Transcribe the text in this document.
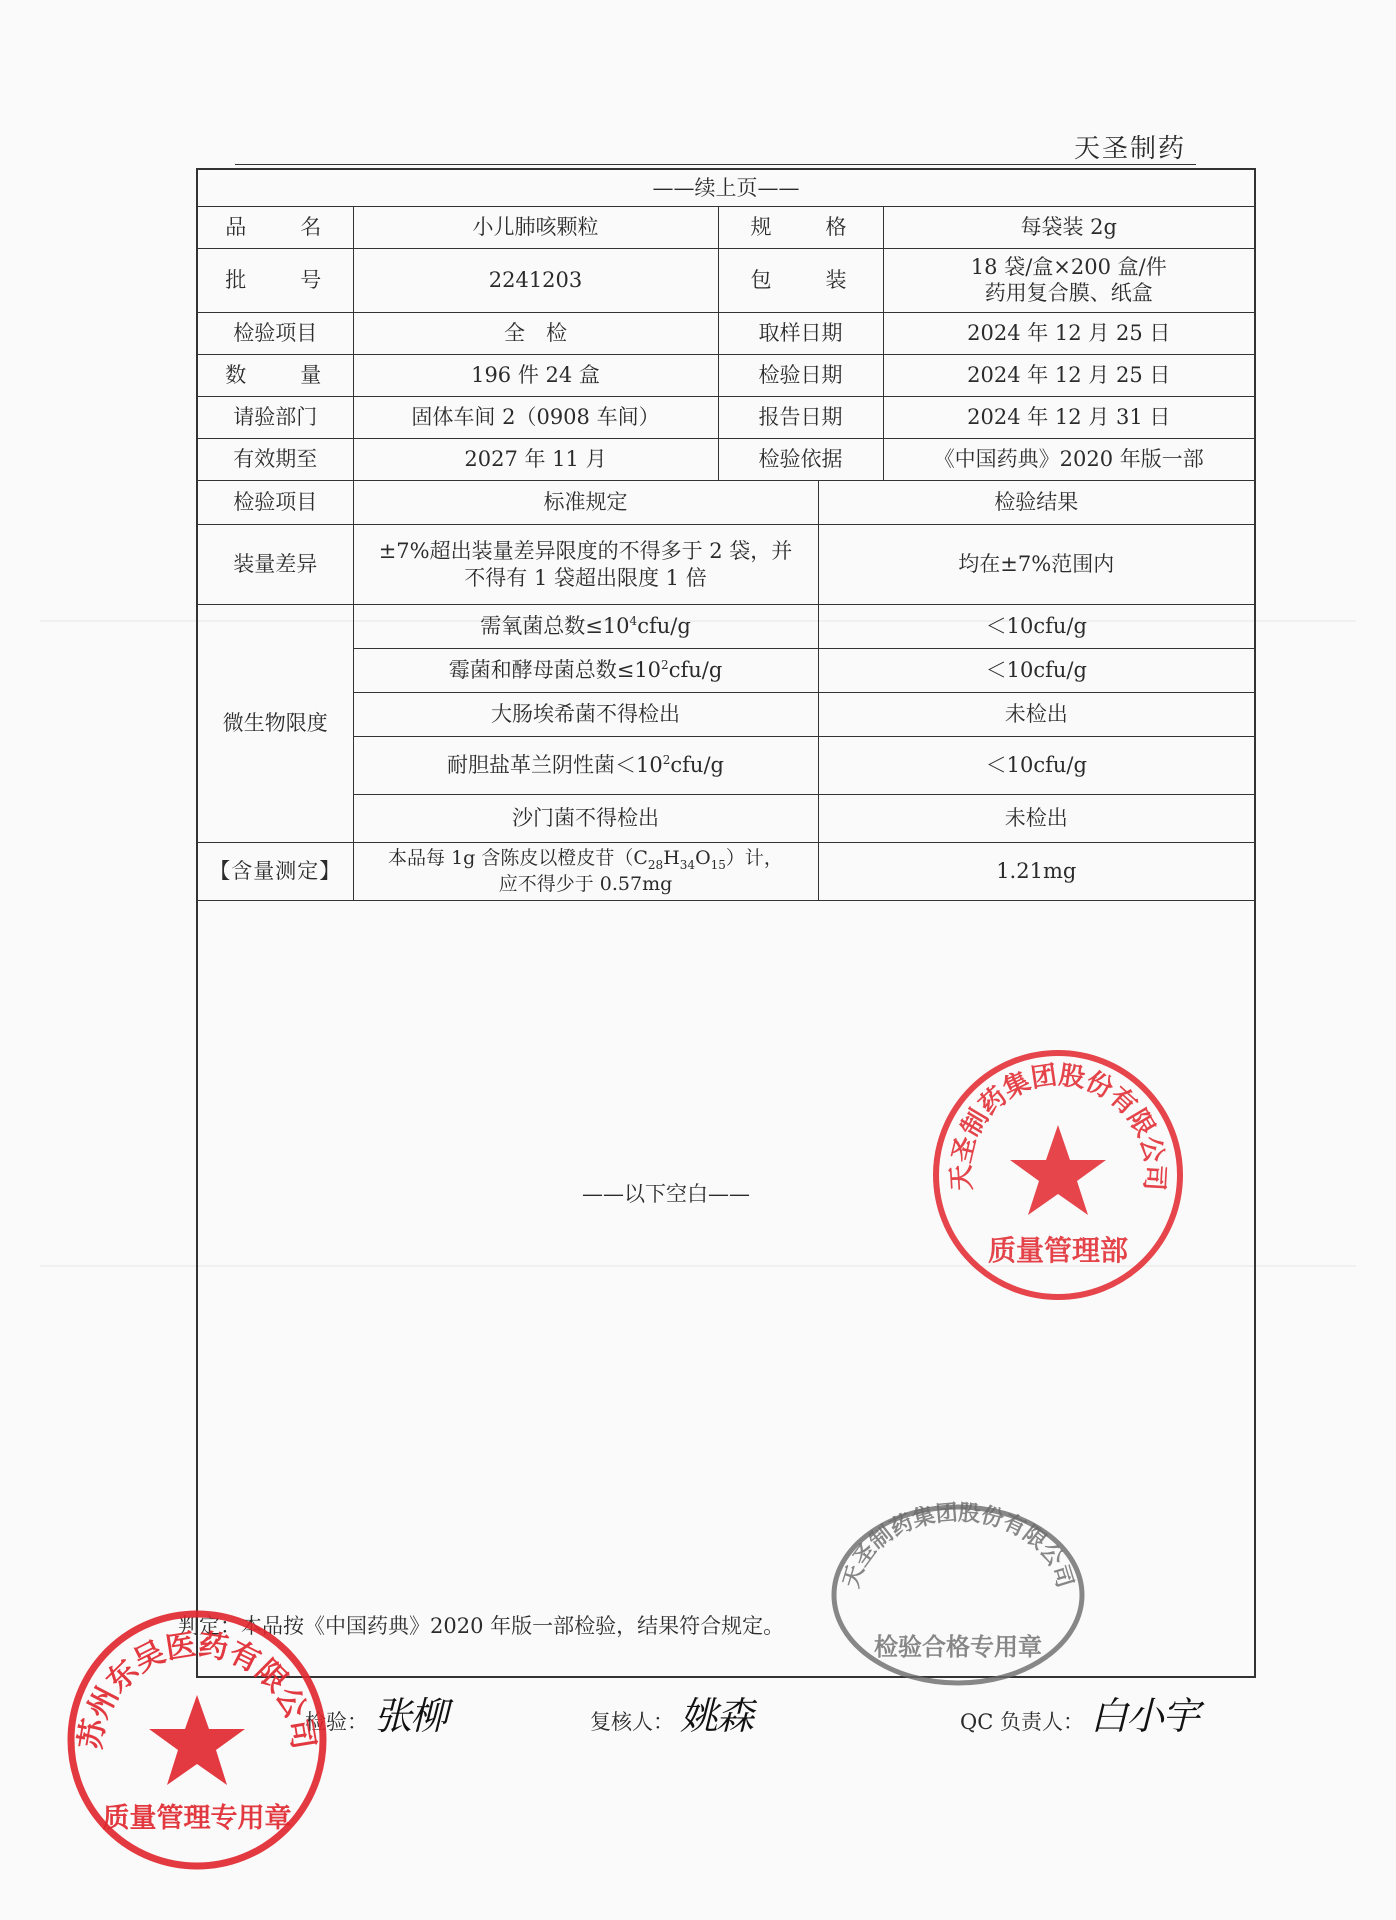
天圣制药
——续上页——			
品　　名	小儿肺咳颗粒	规　　格	每袋装 2g
批　　号	2241203	包　　装	18 袋/盒×200 盒/件
药用复合膜、纸盒

检验项目	全　检	取样日期	2024 年 12 月 25 日
数　　量	196 件 24 盒	检验日期	2024 年 12 月 25 日
请验部门	固体车间 2（0908 车间）	报告日期	2024 年 12 月 31 日
有效期至	2027 年 11 月	检验依据	《中国药典》2020 年版一部
检验项目	标准规定	检验结果
装量差异	±7%超出装量差异限度的不得多于 2 袋，并
不得有 1 袋超出限度 1 倍	均在±7%范围内
微生物限度	需氧菌总数$\le 10^4cfu/g$	＜10cfu/g
	霉菌和酵母菌总数$\le 10^2cfu/g$	＜10cfu/g
	大肠埃希菌不得检出	未检出
	耐胆盐革兰阴性菌$<10^2cfu/g$	＜10cfu/g
	沙门菌不得检出	未检出
【含量测定】	本品每 1g 含陈皮以橙皮苷$(C_{28}H_{34}O_{15})$计，
应不得少于 0.57mg	1.21mg
——以下空白——
判定：本品按《中国药典》2020 年版一部检验，结果符合规定。
检验： 张柳	复核人： 姚森	QC 负责人： 白小宇
天圣制药集团股份有限公司
质量管理部
天圣制药集团股份有限公司
检验合格专用章
苏州东吴医药有限公司
质量管理专用章
